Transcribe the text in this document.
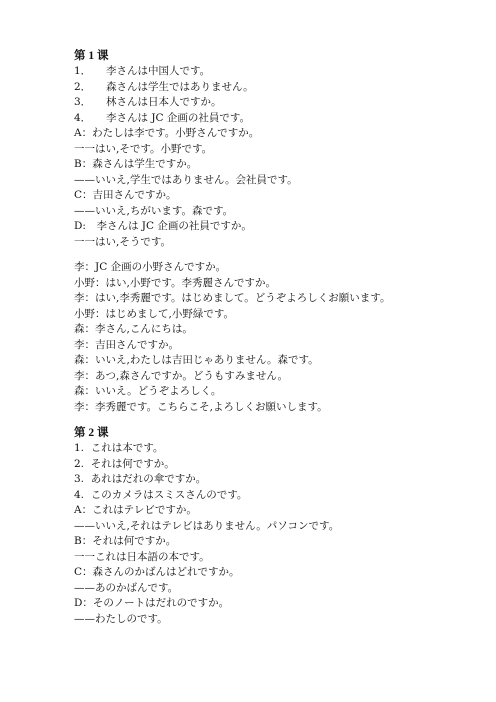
第 1 课
1． 李さんは中国人です。
2． 森さんは学生ではありません。
3． 林さんは日本人ですか。
4． 李さんは JC 企画の社員です。
A：わたしは李です。小野さんですか。
一一はい,そです。小野です。
B：森さんは学生ですか。
——いいえ,学生ではありません。会社員です。
C：吉田さんですか。
——いいえ,ちがいます。森です。
D:　李さんは JC 企画の社員ですか。
一一はい,そうです。
李：JC 企画の小野さんですか。
小野：はい,小野です。李秀麗さんですか。
李：はい,李秀麗です。はじめまして。どうぞよろしくお願います。
小野：はじめまして,小野緑です。
森：李さん,こんにちは。
李：吉田さんですか。
森：いいえ,わたしは吉田じゃありません。森です。
李：あつ,森さんですか。どうもすみません。
森：いいえ。どうぞよろしく。
李：李秀麗です。こちらこそ,よろしくお願いします。
第 2 课
1. これは本です。
2. それは何ですか。
3. あれはだれの傘ですか。
4. このカメラはスミスさんのです。
A：これはテレビですか。
——いいえ,それはテレビはありません。パソコンです。
B：それは何ですか。
一一これは日本語の本です。
C：森さんのかばんはどれですか。
——あのかばんです。
D：そのノートはだれのですか。
——わたしのです。
